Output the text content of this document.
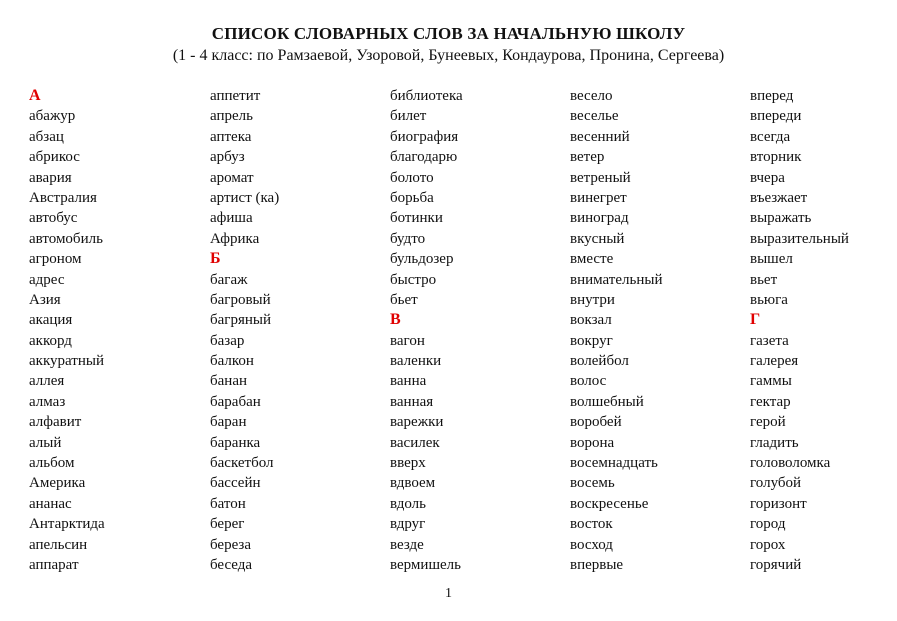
СПИСОК СЛОВАРНЫХ СЛОВ ЗА НАЧАЛЬНУЮ ШКОЛУ
(1 - 4 класс: по Рамзаевой, Узоровой, Бунеевых, Кондаурова, Пронина, Сергеева)
А
абажур
абзац
абрикос
авария
Австралия
автобус
автомобиль
агроном
адрес
Азия
акация
аккорд
аккуратный
аллея
алмаз
алфавит
алый
альбом
Америка
ананас
Антарктида
апельсин
аппарат
аппетит
апрель
аптека
арбуз
аромат
артист (ка)
афиша
Африка
Б
багаж
багровый
багряный
базар
балкон
банан
барабан
баран
баранка
баскетбол
бассейн
батон
берег
береза
беседа
библиотека
билет
биография
благодарю
болото
борьба
ботинки
будто
бульдозер
быстро
бьет
В
вагон
валенки
ванна
ванная
варежки
василек
вверх
вдвоем
вдоль
вдруг
везде
вермишель
весело
веселье
весенний
ветер
ветреный
винегрет
виноград
вкусный
вместе
внимательный
внутри
вокзал
вокруг
волейбол
волос
волшебный
воробей
ворона
восемнадцать
восемь
воскресенье
восток
восход
впервые
вперед
впереди
всегда
вторник
вчера
въезжает
выражать
выразительный
вышел
вьет
вьюга
Г
газета
галерея
гаммы
гектар
герой
гладить
головоломка
голубой
горизонт
город
горох
горячий
1
